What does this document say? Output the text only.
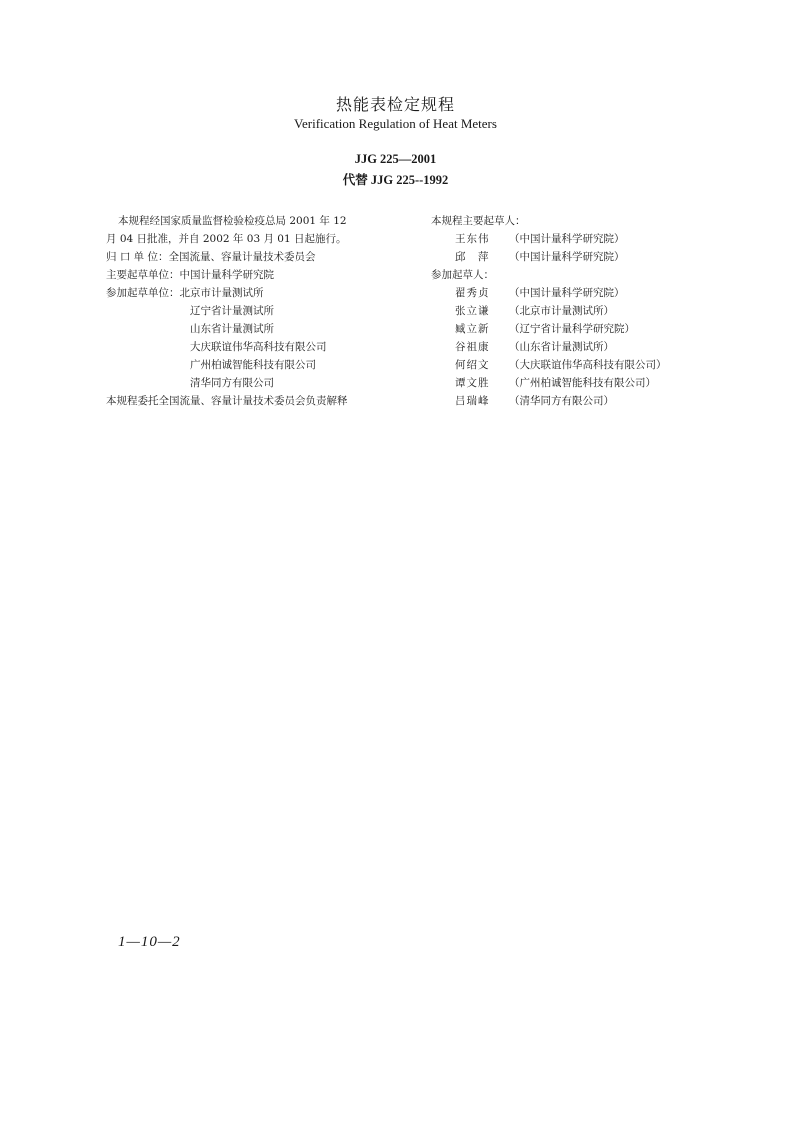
热能表检定规程
Verification Regulation of Heat Meters
JJG 225—2001
代替 JJG 225--1992
本规程经国家质量监督检验检疫总局 2001 年 12
月 04 日批准，并自 2002 年 03 月 01 日起施行。
归 口 单 位：全国流量、容量计量技术委员会
主要起草单位：中国计量科学研究院
参加起草单位：北京市计量测试所
辽宁省计量测试所
山东省计量测试所
大庆联谊伟华高科技有限公司
广州柏诚智能科技有限公司
清华同方有限公司
本规程委托全国流量、容量计量技术委员会负责解释
本规程主要起草人：
王东伟 （中国计量科学研究院）
邱　萍 （中国计量科学研究院）
参加起草人：
翟秀贞 （中国计量科学研究院）
张立谦 （北京市计量测试所）
臧立新 （辽宁省计量科学研究院）
谷祖康 （山东省计量测试所）
何绍文 （大庆联谊伟华高科技有限公司）
谭文胜 （广州柏诚智能科技有限公司）
吕瑞峰 （清华同方有限公司）
1—10—2
